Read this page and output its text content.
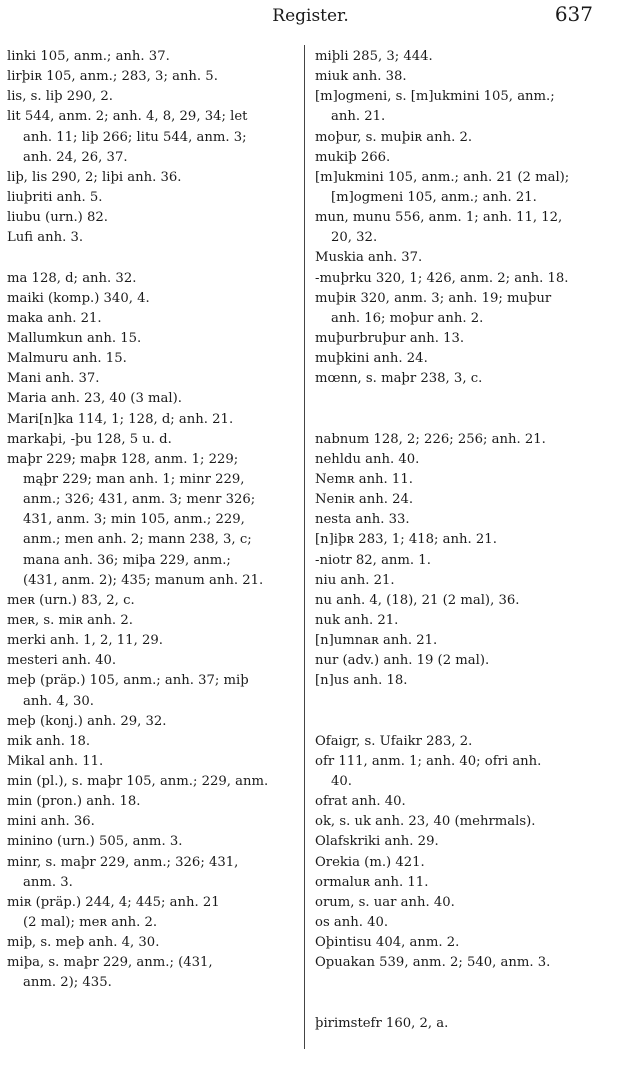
Register.	637
linki 105, anm.; anh. 37.
lirþiʀ 105, anm.; 283, 3; anh. 5.
lis, s. liþ 290, 2.
lit 544, anm. 2; anh. 4, 8, 29, 34; let
anh. 11; liþ 266; litu 544, anm. 3;
anh. 24, 26, 37.
liþ, lis 290, 2; liþi anh. 36.
liuþriti anh. 5.
liubu (urn.) 82.
Lufi anh. 3.
ma 128, d; anh. 32.
maiki (komp.) 340, 4.
maka anh. 21.
Mallumkun anh. 15.
Malmuru anh. 15.
Mani anh. 37.
Maria anh. 23, 40 (3 mal).
Mari[n]ka 114, 1; 128, d; anh. 21.
markaþi, -þu 128, 5 u. d.
maþr 229; maþʀ 128, anm. 1; 229;
mąþr 229; man anh. 1; minr 229,
anm.; 326; 431, anm. 3; menr 326;
431, anm. 3; min 105, anm.; 229,
anm.; men anh. 2; mann 238, 3, c;
mana anh. 36; miþa 229, anm.;
(431, anm. 2); 435; manum anh. 21.
meʀ (urn.) 83, 2, c.
meʀ, s. miʀ anh. 2.
merki anh. 1, 2, 11, 29.
mesteri anh. 40.
meþ (präp.) 105, anm.; anh. 37; miþ
anh. 4, 30.
meþ (konj.) anh. 29, 32.
mik anh. 18.
Mikal anh. 11.
min (pl.), s. maþr 105, anm.; 229, anm.
min (pron.) anh. 18.
mini anh. 36.
minino (urn.) 505, anm. 3.
minr, s. maþr 229, anm.; 326; 431,
anm. 3.
miʀ (präp.) 244, 4; 445; anh. 21
(2 mal); meʀ anh. 2.
miþ, s. meþ anh. 4, 30.
miþa, s. maþr 229, anm.; (431,
anm. 2); 435.
miþli 285, 3; 444.
miuk anh. 38.
[m]ogmeni, s. [m]ukmini 105, anm.;
anh. 21.
moþur, s. muþiʀ anh. 2.
mukiþ 266.
[m]ukmini 105, anm.; anh. 21 (2 mal);
[m]ogmeni 105, anm.; anh. 21.
mun, munu 556, anm. 1; anh. 11, 12,
20, 32.
Muskia anh. 37.
-muþrku 320, 1; 426, anm. 2; anh. 18.
muþiʀ 320, anm. 3; anh. 19; muþur
anh. 16; moþur anh. 2.
muþurbruþur anh. 13.
muþkini anh. 24.
mœnn, s. maþr 238, 3, c.
nabnum 128, 2; 226; 256; anh. 21.
nehldu anh. 40.
Nemʀ anh. 11.
Neniʀ anh. 24.
nesta anh. 33.
[n]iþʀ 283, 1; 418; anh. 21.
-niotr 82, anm. 1.
niu anh. 21.
nu anh. 4, (18), 21 (2 mal), 36.
nuk anh. 21.
[n]umnaʀ anh. 21.
nur (adv.) anh. 19 (2 mal).
[n]us anh. 18.
Ofaigr, s. Ufaikr 283, 2.
ofr 111, anm. 1; anh. 40; ofri anh.
40.
ofrat anh. 40.
ok, s. uk anh. 23, 40 (mehrmals).
Olafskriki anh. 29.
Orekia (m.) 421.
ormaluʀ anh. 11.
orum, s. uar anh. 40.
os anh. 40.
Oþintisu 404, anm. 2.
Opuakan 539, anm. 2; 540, anm. 3.
þirimstefr 160, 2, a.
